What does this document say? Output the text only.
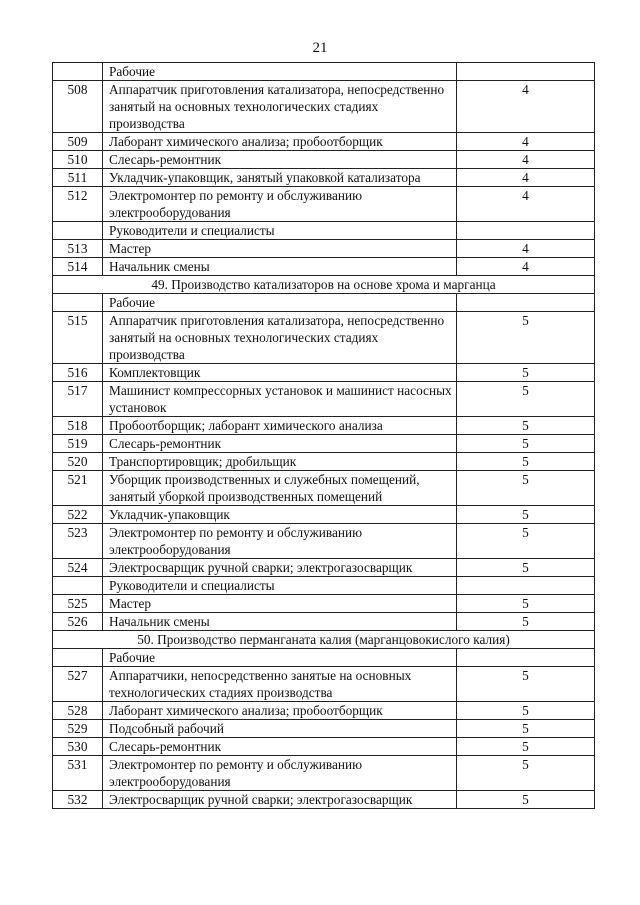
21
	Рабочие	
508	Аппаратчик приготовления катализатора, непосредственно занятый на основных технологических стадиях производства	4
509	Лаборант химического анализа; пробоотборщик	4
510	Слесарь-ремонтник	4
511	Укладчик-упаковщик, занятый упаковкой катализатора	4
512	Электромонтер по ремонту и обслуживанию электрооборудования	4
	Руководители и специалисты	
513	Мастер	4
514	Начальник смены	4
49. Производство катализаторов на основе хрома и марганца		
	Рабочие	
515	Аппаратчик приготовления катализатора, непосредственно занятый на основных технологических стадиях производства	5
516	Комплектовщик	5
517	Машинист компрессорных установок и машинист насосных установок	5
518	Пробоотборщик; лаборант химического анализа	5
519	Слесарь-ремонтник	5
520	Транспортировщик; дробильщик	5
521	Уборщик производственных и служебных помещений, занятый уборкой производственных помещений	5
522	Укладчик-упаковщик	5
523	Электромонтер по ремонту и обслуживанию электрооборудования	5
524	Электросварщик ручной сварки; электрогазосварщик	5
	Руководители и специалисты	
525	Мастер	5
526	Начальник смены	5
50. Производство перманганата калия (марганцовокислого калия)		
	Рабочие	
527	Аппаратчики, непосредственно занятые на основных технологических стадиях производства	5
528	Лаборант химического анализа; пробоотборщик	5
529	Подсобный рабочий	5
530	Слесарь-ремонтник	5
531	Электромонтер по ремонту и обслуживанию электрооборудования	5
532	Электросварщик ручной сварки; электрогазосварщик	5
